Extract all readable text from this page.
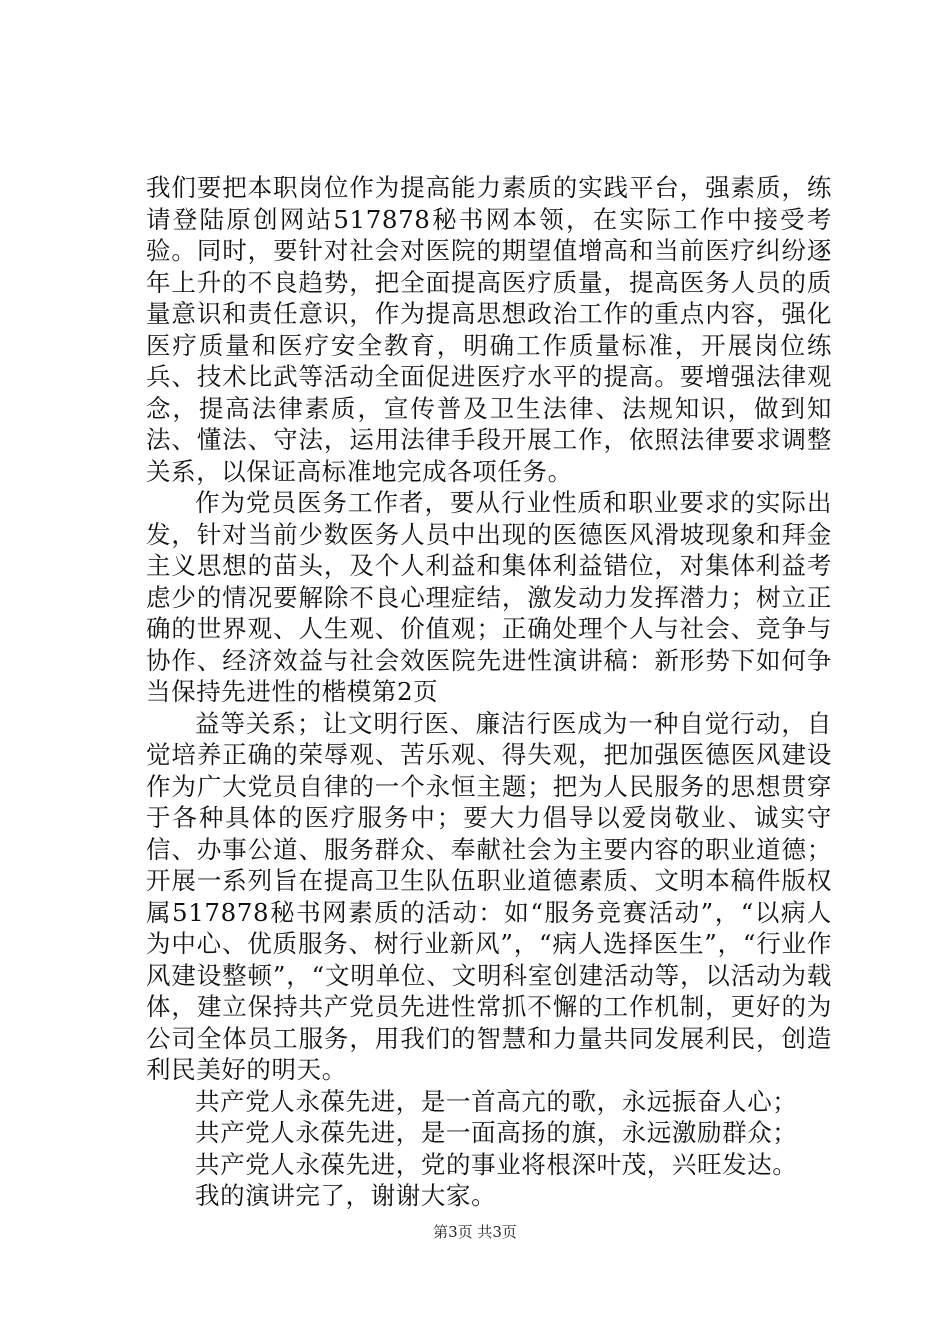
我们要把本职岗位作为提高能力素质的实践平台，强素质，练请登陆原创网站517878秘书网本领，在实际工作中接受考验。同时，要针对社会对医院的期望值增高和当前医疗纠纷逐年上升的不良趋势，把全面提高医疗质量，提高医务人员的质量意识和责任意识，作为提高思想政治工作的重点内容，强化医疗质量和医疗安全教育，明确工作质量标准，开展岗位练兵、技术比武等活动全面促进医疗水平的提高。要增强法律观念，提高法律素质，宣传普及卫生法律、法规知识，做到知法、懂法、守法，运用法律手段开展工作，依照法律要求调整关系，以保证高标准地完成各项任务。

作为党员医务工作者，要从行业性质和职业要求的实际出发，针对当前少数医务人员中出现的医德医风滑坡现象和拜金主义思想的苗头，及个人利益和集体利益错位，对集体利益考虑少的情况要解除不良心理症结，激发动力发挥潜力；树立正确的世界观、人生观、价值观；正确处理个人与社会、竞争与协作、经济效益与社会效医院先进性演讲稿：新形势下如何争当保持先进性的楷模第2页

益等关系；让文明行医、廉洁行医成为一种自觉行动，自觉培养正确的荣辱观、苦乐观、得失观，把加强医德医风建设作为广大党员自律的一个永恒主题；把为人民服务的思想贯穿于各种具体的医疗服务中；要大力倡导以爱岗敬业、诚实守信、办事公道、服务群众、奉献社会为主要内容的职业道德；开展一系列旨在提高卫生队伍职业道德素质、文明本稿件版权属517878秘书网素质的活动：如“服务竞赛活动”，“以病人为中心、优质服务、树行业新风”，“病人选择医生”，“行业作风建设整顿”，“文明单位、文明科室创建活动等，以活动为载体，建立保持共产党员先进性常抓不懈的工作机制，更好的为公司全体员工服务，用我们的智慧和力量共同发展利民，创造利民美好的明天。

共产党人永葆先进，是一首高亢的歌，永远振奋人心；

共产党人永葆先进，是一面高扬的旗，永远激励群众；

共产党人永葆先进，党的事业将根深叶茂，兴旺发达。

我的演讲完了，谢谢大家。

第3页 共3页
